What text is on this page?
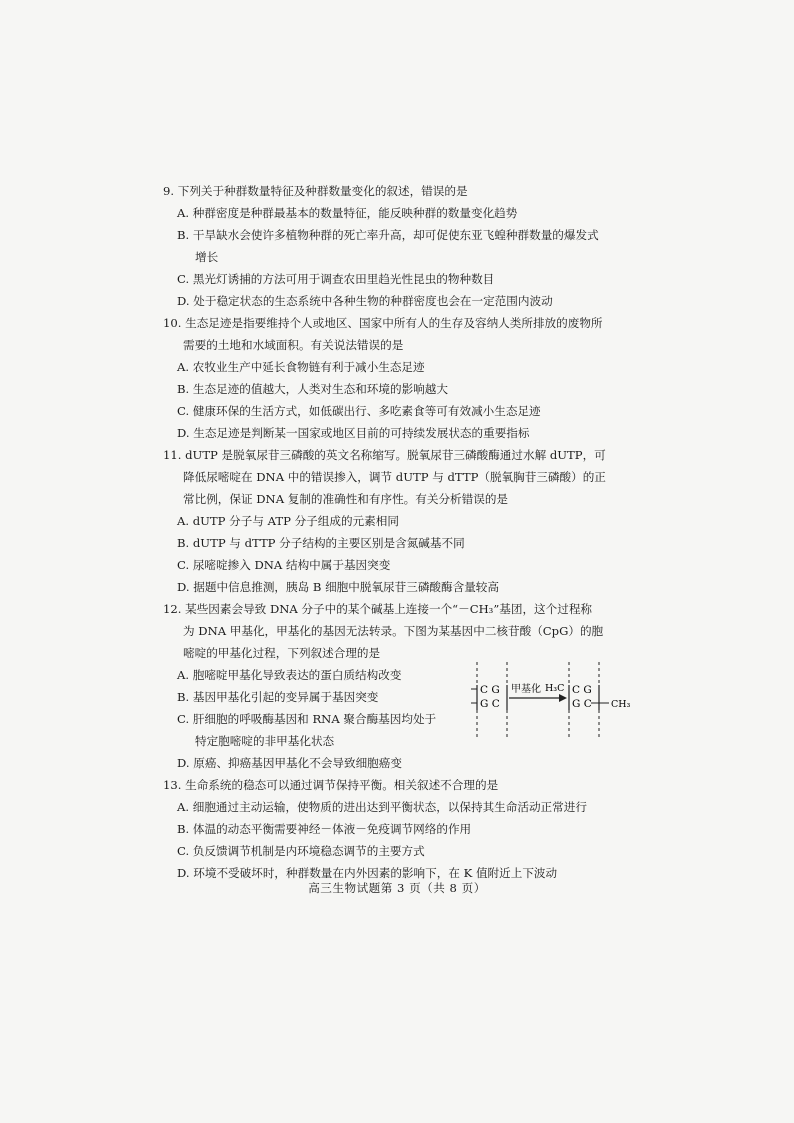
9. 下列关于种群数量特征及种群数量变化的叙述，错误的是
A. 种群密度是种群最基本的数量特征，能反映种群的数量变化趋势
B. 干旱缺水会使许多植物种群的死亡率升高，却可促使东亚飞蝗种群数量的爆发式
增长
C. 黑光灯诱捕的方法可用于调查农田里趋光性昆虫的物种数目
D. 处于稳定状态的生态系统中各种生物的种群密度也会在一定范围内波动
10. 生态足迹是指要维持个人或地区、国家中所有人的生存及容纳人类所排放的废物所
需要的土地和水域面积。有关说法错误的是
A. 农牧业生产中延长食物链有利于减小生态足迹
B. 生态足迹的值越大，人类对生态和环境的影响越大
C. 健康环保的生活方式，如低碳出行、多吃素食等可有效减小生态足迹
D. 生态足迹是判断某一国家或地区目前的可持续发展状态的重要指标
11. dUTP 是脱氧尿苷三磷酸的英文名称缩写。脱氧尿苷三磷酸酶通过水解 dUTP，可
降低尿嘧啶在 DNA 中的错误掺入，调节 dUTP 与 dTTP（脱氧胸苷三磷酸）的正
常比例，保证 DNA 复制的准确性和有序性。有关分析错误的是
A. dUTP 分子与 ATP 分子组成的元素相同
B. dUTP 与 dTTP 分子结构的主要区别是含氮碱基不同
C. 尿嘧啶掺入 DNA 结构中属于基因突变
D. 据题中信息推测，胰岛 B 细胞中脱氧尿苷三磷酸酶含量较高
12. 某些因素会导致 DNA 分子中的某个碱基上连接一个“－CH₃”基团，这个过程称
为 DNA 甲基化，甲基化的基因无法转录。下图为某基因中二核苷酸（CpG）的胞
嘧啶的甲基化过程，下列叙述合理的是
A. 胞嘧啶甲基化导致表达的蛋白质结构改变
B. 基因甲基化引起的变异属于基因突变
C. 肝细胞的呼吸酶基因和 RNA 聚合酶基因均处于
特定胞嘧啶的非甲基化状态
D. 原癌、抑癌基因甲基化不会导致细胞癌变
C G
G C
甲基化 H₃C C G
G C CH₃
13. 生命系统的稳态可以通过调节保持平衡。相关叙述不合理的是
A. 细胞通过主动运输，使物质的进出达到平衡状态，以保持其生命活动正常进行
B. 体温的动态平衡需要神经－体液－免疫调节网络的作用
C. 负反馈调节机制是内环境稳态调节的主要方式
D. 环境不受破坏时，种群数量在内外因素的影响下，在 K 值附近上下波动
高三生物试题第 3 页（共 8 页）
